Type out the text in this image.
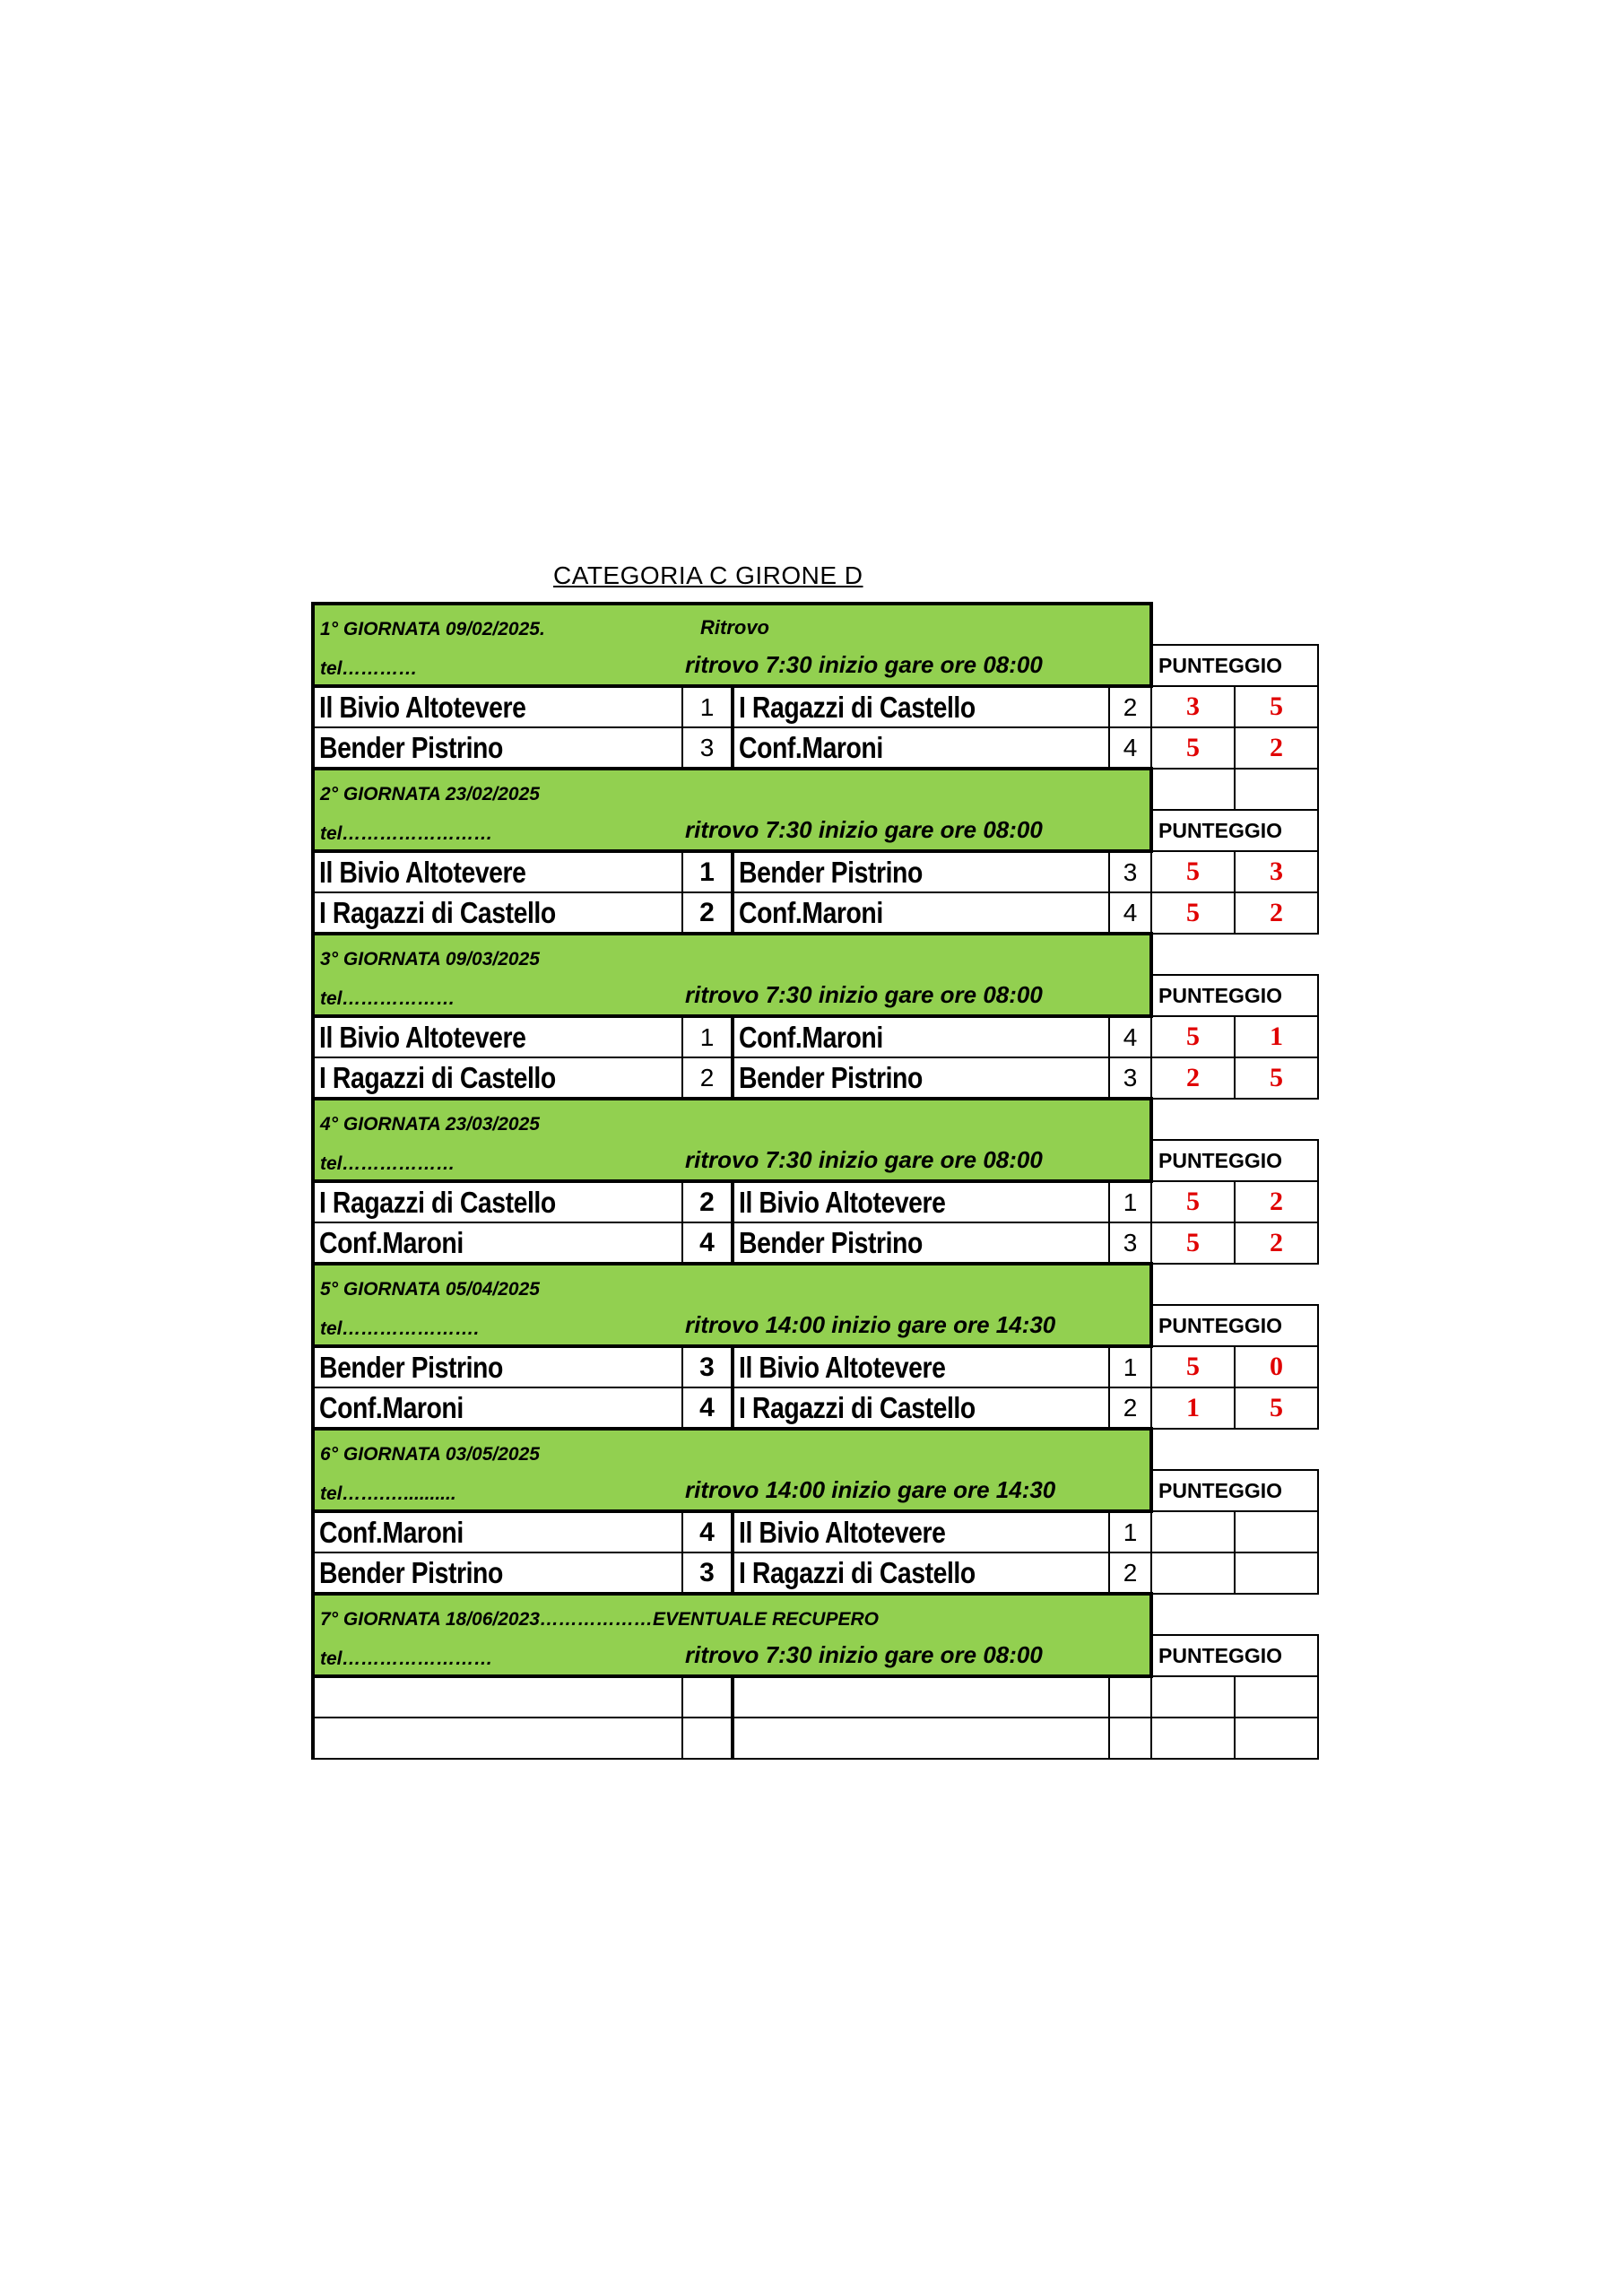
CATEGORIA C GIRONE D
1° GIORNATA 09/02/2025. Ritrovo					

tel………… ritrovo 7:30 inizio gare ore 08:00				PUNTEGGIO	
Il Bivio Altotevere	1	I Ragazzi di Castello	2	3	5
Bender Pistrino	3	Conf.Maroni	4	5	2
2° GIORNATA 23/02/2025					
tel…………………… ritrovo 7:30 inizio gare ore 08:00				PUNTEGGIO	
Il Bivio Altotevere	1	Bender Pistrino	3	5	3
I Ragazzi di Castello	2	Conf.Maroni	4	5	2
3° GIORNATA 09/03/2025					
tel……………… ritrovo 7:30 inizio gare ore 08:00				PUNTEGGIO	
Il Bivio Altotevere	1	Conf.Maroni	4	5	1
I Ragazzi di Castello	2	Bender Pistrino	3	2	5
4° GIORNATA 23/03/2025					
tel……………… ritrovo 7:30 inizio gare ore 08:00				PUNTEGGIO	
I Ragazzi di Castello	2	Il Bivio Altotevere	1	5	2
Conf.Maroni	4	Bender Pistrino	3	5	2
5° GIORNATA 05/04/2025					
tel…………………. ritrovo 14:00 inizio gare ore 14:30				PUNTEGGIO	
Bender Pistrino	3	Il Bivio Altotevere	1	5	0
Conf.Maroni	4	I Ragazzi di Castello	2	1	5
6° GIORNATA 03/05/2025					
tel…….….......... ritrovo 14:00 inizio gare ore 14:30				PUNTEGGIO	
Conf.Maroni	4	Il Bivio Altotevere	1		
Bender Pistrino	3	I Ragazzi di Castello	2		
7° GIORNATA 18/06/2023………………EVENTUALE RECUPERO					
tel…………………… ritrovo 7:30 inizio gare ore 08:00				PUNTEGGIO	
